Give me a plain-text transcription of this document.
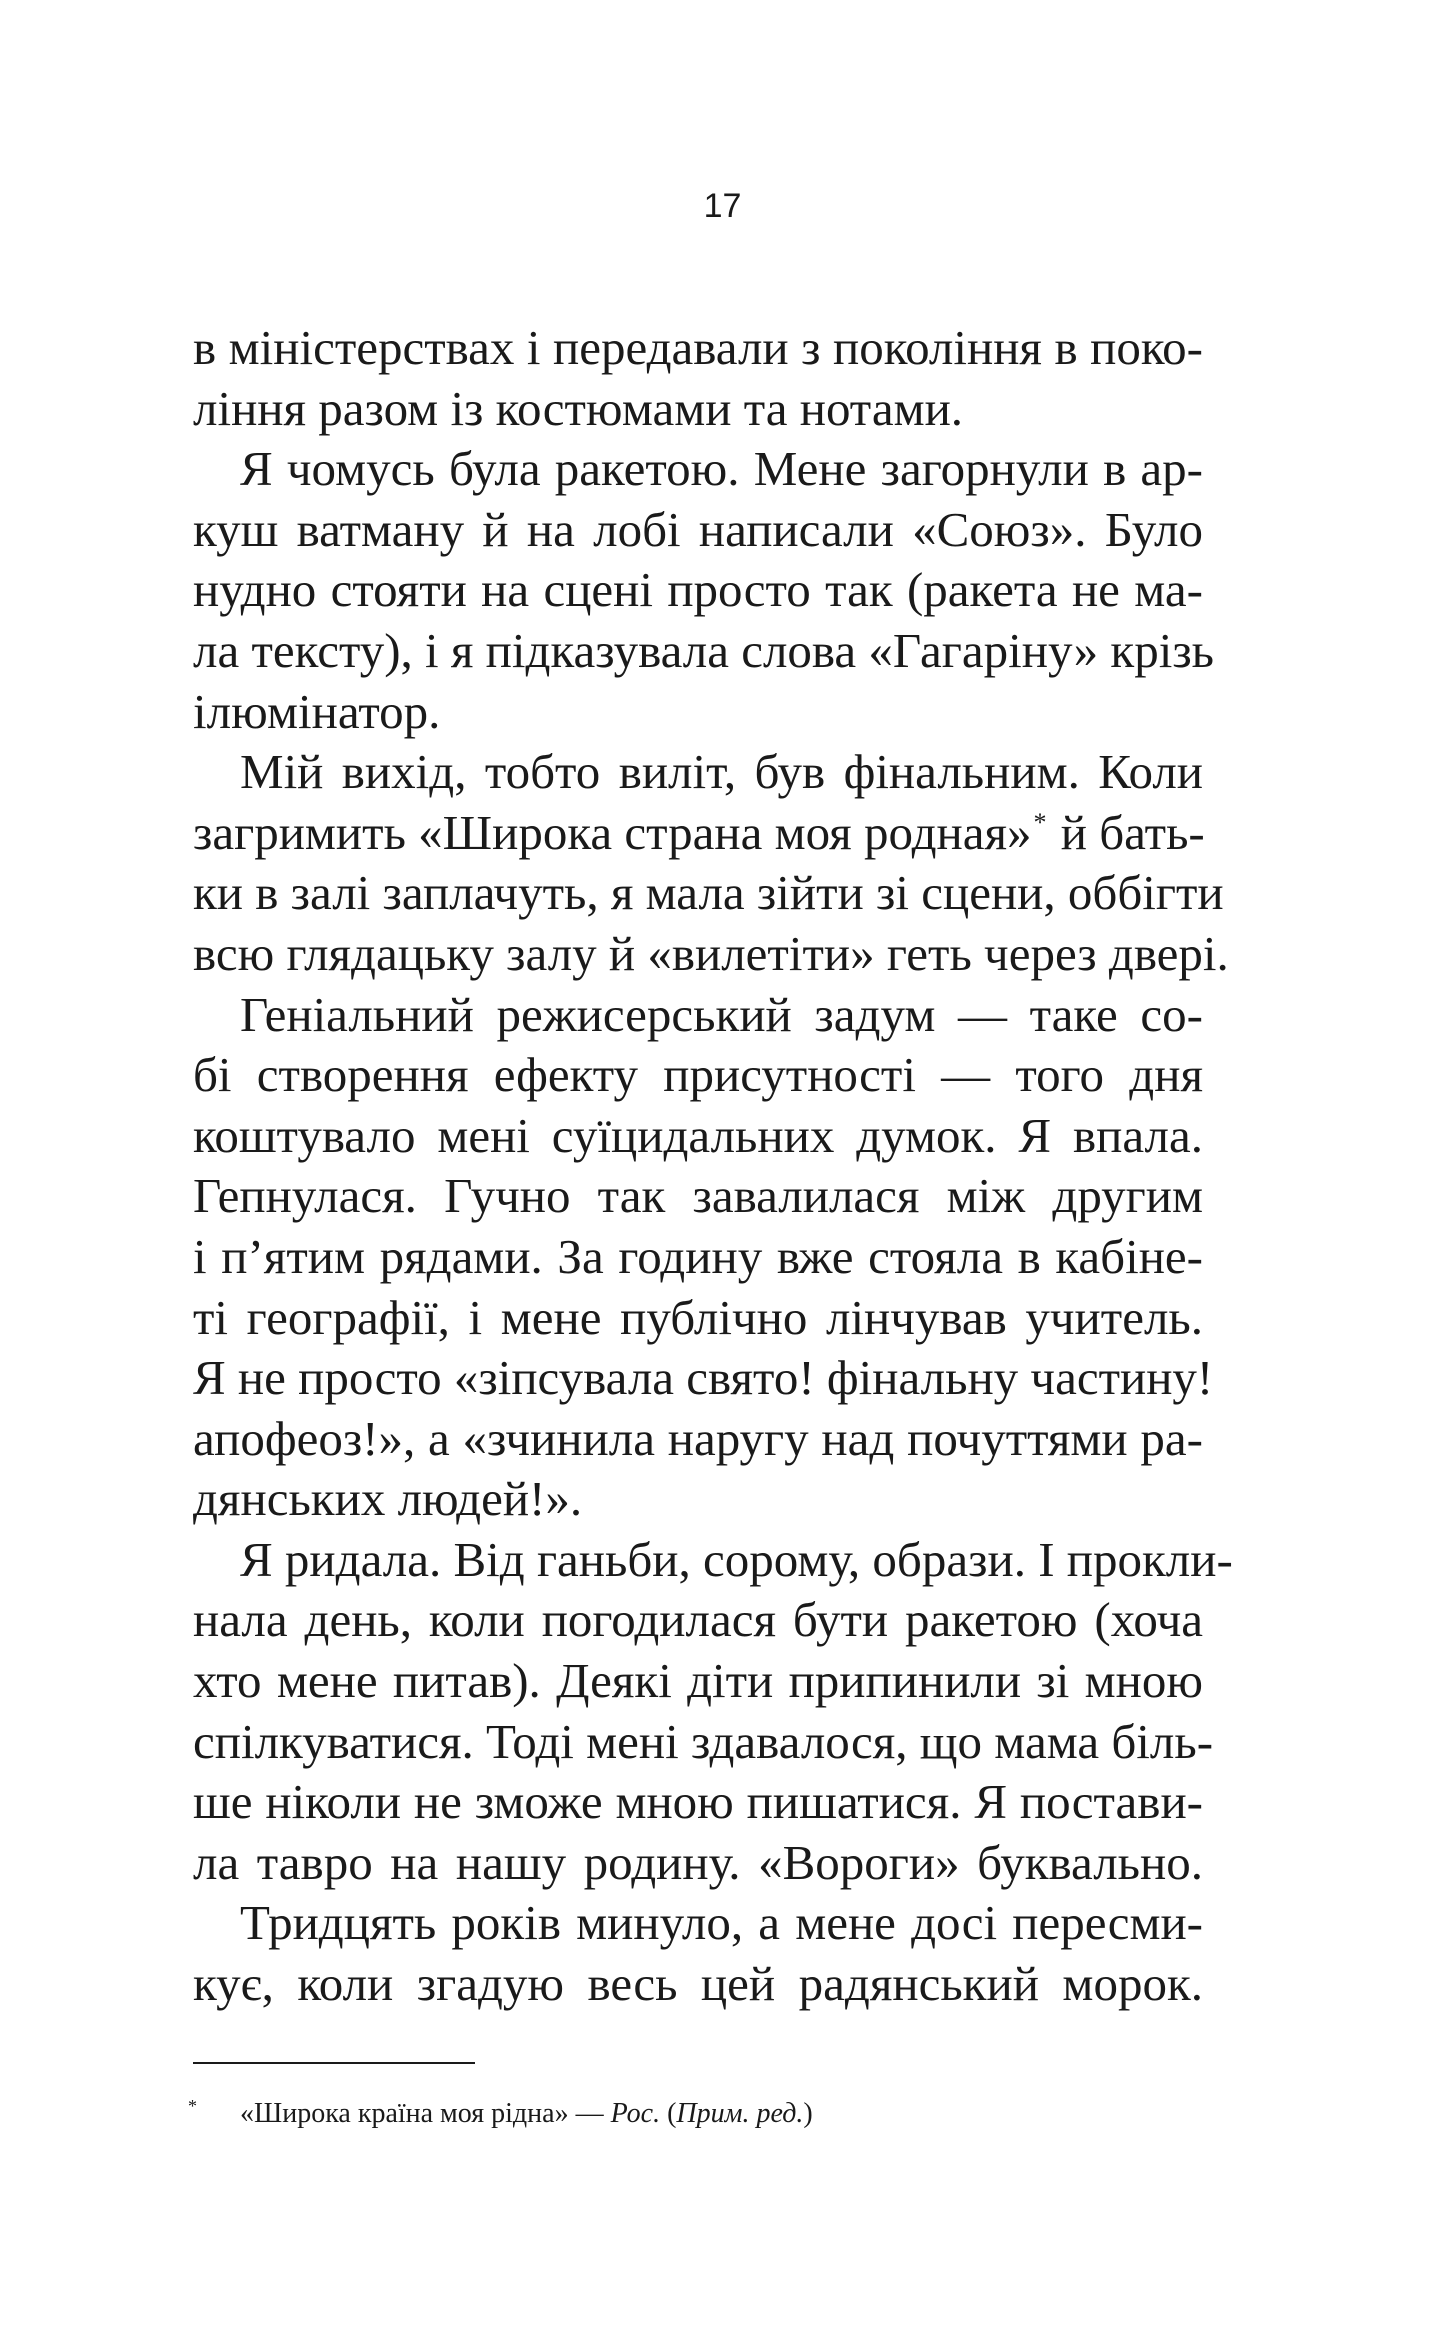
17
в міністерствах і передавали з покоління в поко-
ління разом із костюмами та нотами.
Я чомусь була ракетою. Мене загорнули в ар-
куш ватману й на лобі написали «Союз». Було
нудно стояти на сцені просто так (ракета не ма-
ла тексту), і я підказувала слова «Гагаріну» крізь
ілюмінатор.
Мій вихід, тобто виліт, був фінальним. Коли
загримить «Широка страна моя родная»* й бать-
ки в залі заплачуть, я мала зійти зі сцени, оббігти
всю глядацьку залу й «вилетіти» геть через двері.
Геніальний режисерський задум — таке со-
бі створення ефекту присутності — того дня
коштувало мені суїцидальних думок. Я впала.
Гепнулася. Гучно так завалилася між другим
і п’ятим рядами. За годину вже стояла в кабіне-
ті географії, і мене публічно лінчував учитель.
Я не просто «зіпсувала свято! фінальну частину!
апофеоз!», а «зчинила наругу над почуттями ра-
дянських людей!».
Я ридала. Від ганьби, сорому, образи. І прокли-
нала день, коли погодилася бути ракетою (хоча
хто мене питав). Деякі діти припинили зі мною
спілкуватися. Тоді мені здавалося, що мама біль-
ше ніколи не зможе мною пишатися. Я постави-
ла тавро на нашу родину. «Вороги» буквально.
Тридцять років минуло, а мене досі пересми-
кує, коли згадую весь цей радянський морок.
* «Широка країна моя рідна» — Рос. (Прим. ред.)
